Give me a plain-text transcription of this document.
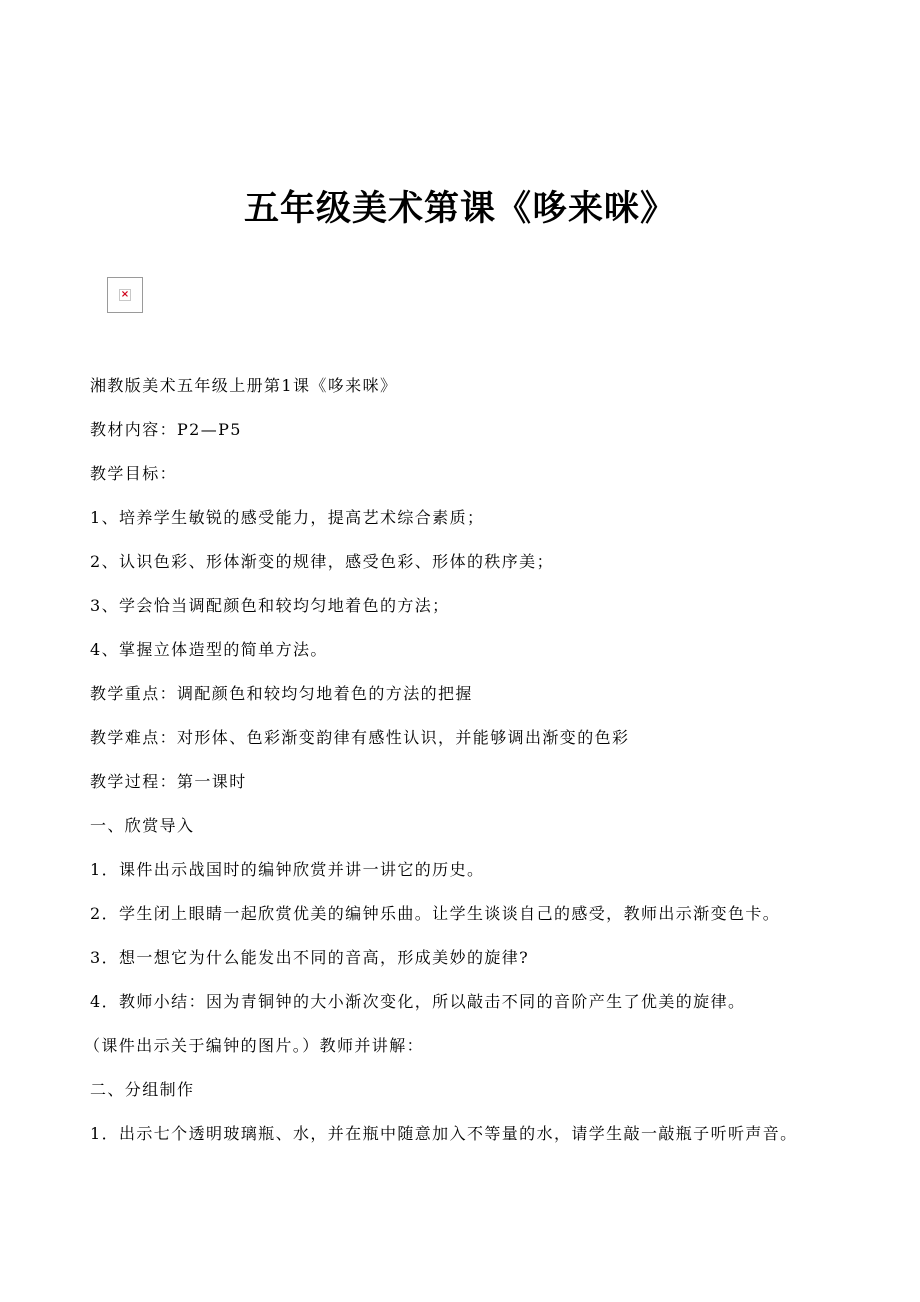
五年级美术第课《哆来咪》
×
湘教版美术五年级上册第1课《哆来咪》
教材内容：P2—P5
教学目标：
1、培养学生敏锐的感受能力，提高艺术综合素质；
2、认识色彩、形体渐变的规律，感受色彩、形体的秩序美；
3、学会恰当调配颜色和较均匀地着色的方法；
4、掌握立体造型的简单方法。
教学重点：调配颜色和较均匀地着色的方法的把握
教学难点：对形体、色彩渐变韵律有感性认识，并能够调出渐变的色彩
教学过程：第一课时
一、欣赏导入
1．课件出示战国时的编钟欣赏并讲一讲它的历史。
2．学生闭上眼睛一起欣赏优美的编钟乐曲。让学生谈谈自己的感受，教师出示渐变色卡。
3．想一想它为什么能发出不同的音高，形成美妙的旋律?
4．教师小结：因为青铜钟的大小渐次变化，所以敲击不同的音阶产生了优美的旋律。
（课件出示关于编钟的图片。）教师并讲解：
二、分组制作
1．出示七个透明玻璃瓶、水，并在瓶中随意加入不等量的水，请学生敲一敲瓶子听听声音。
